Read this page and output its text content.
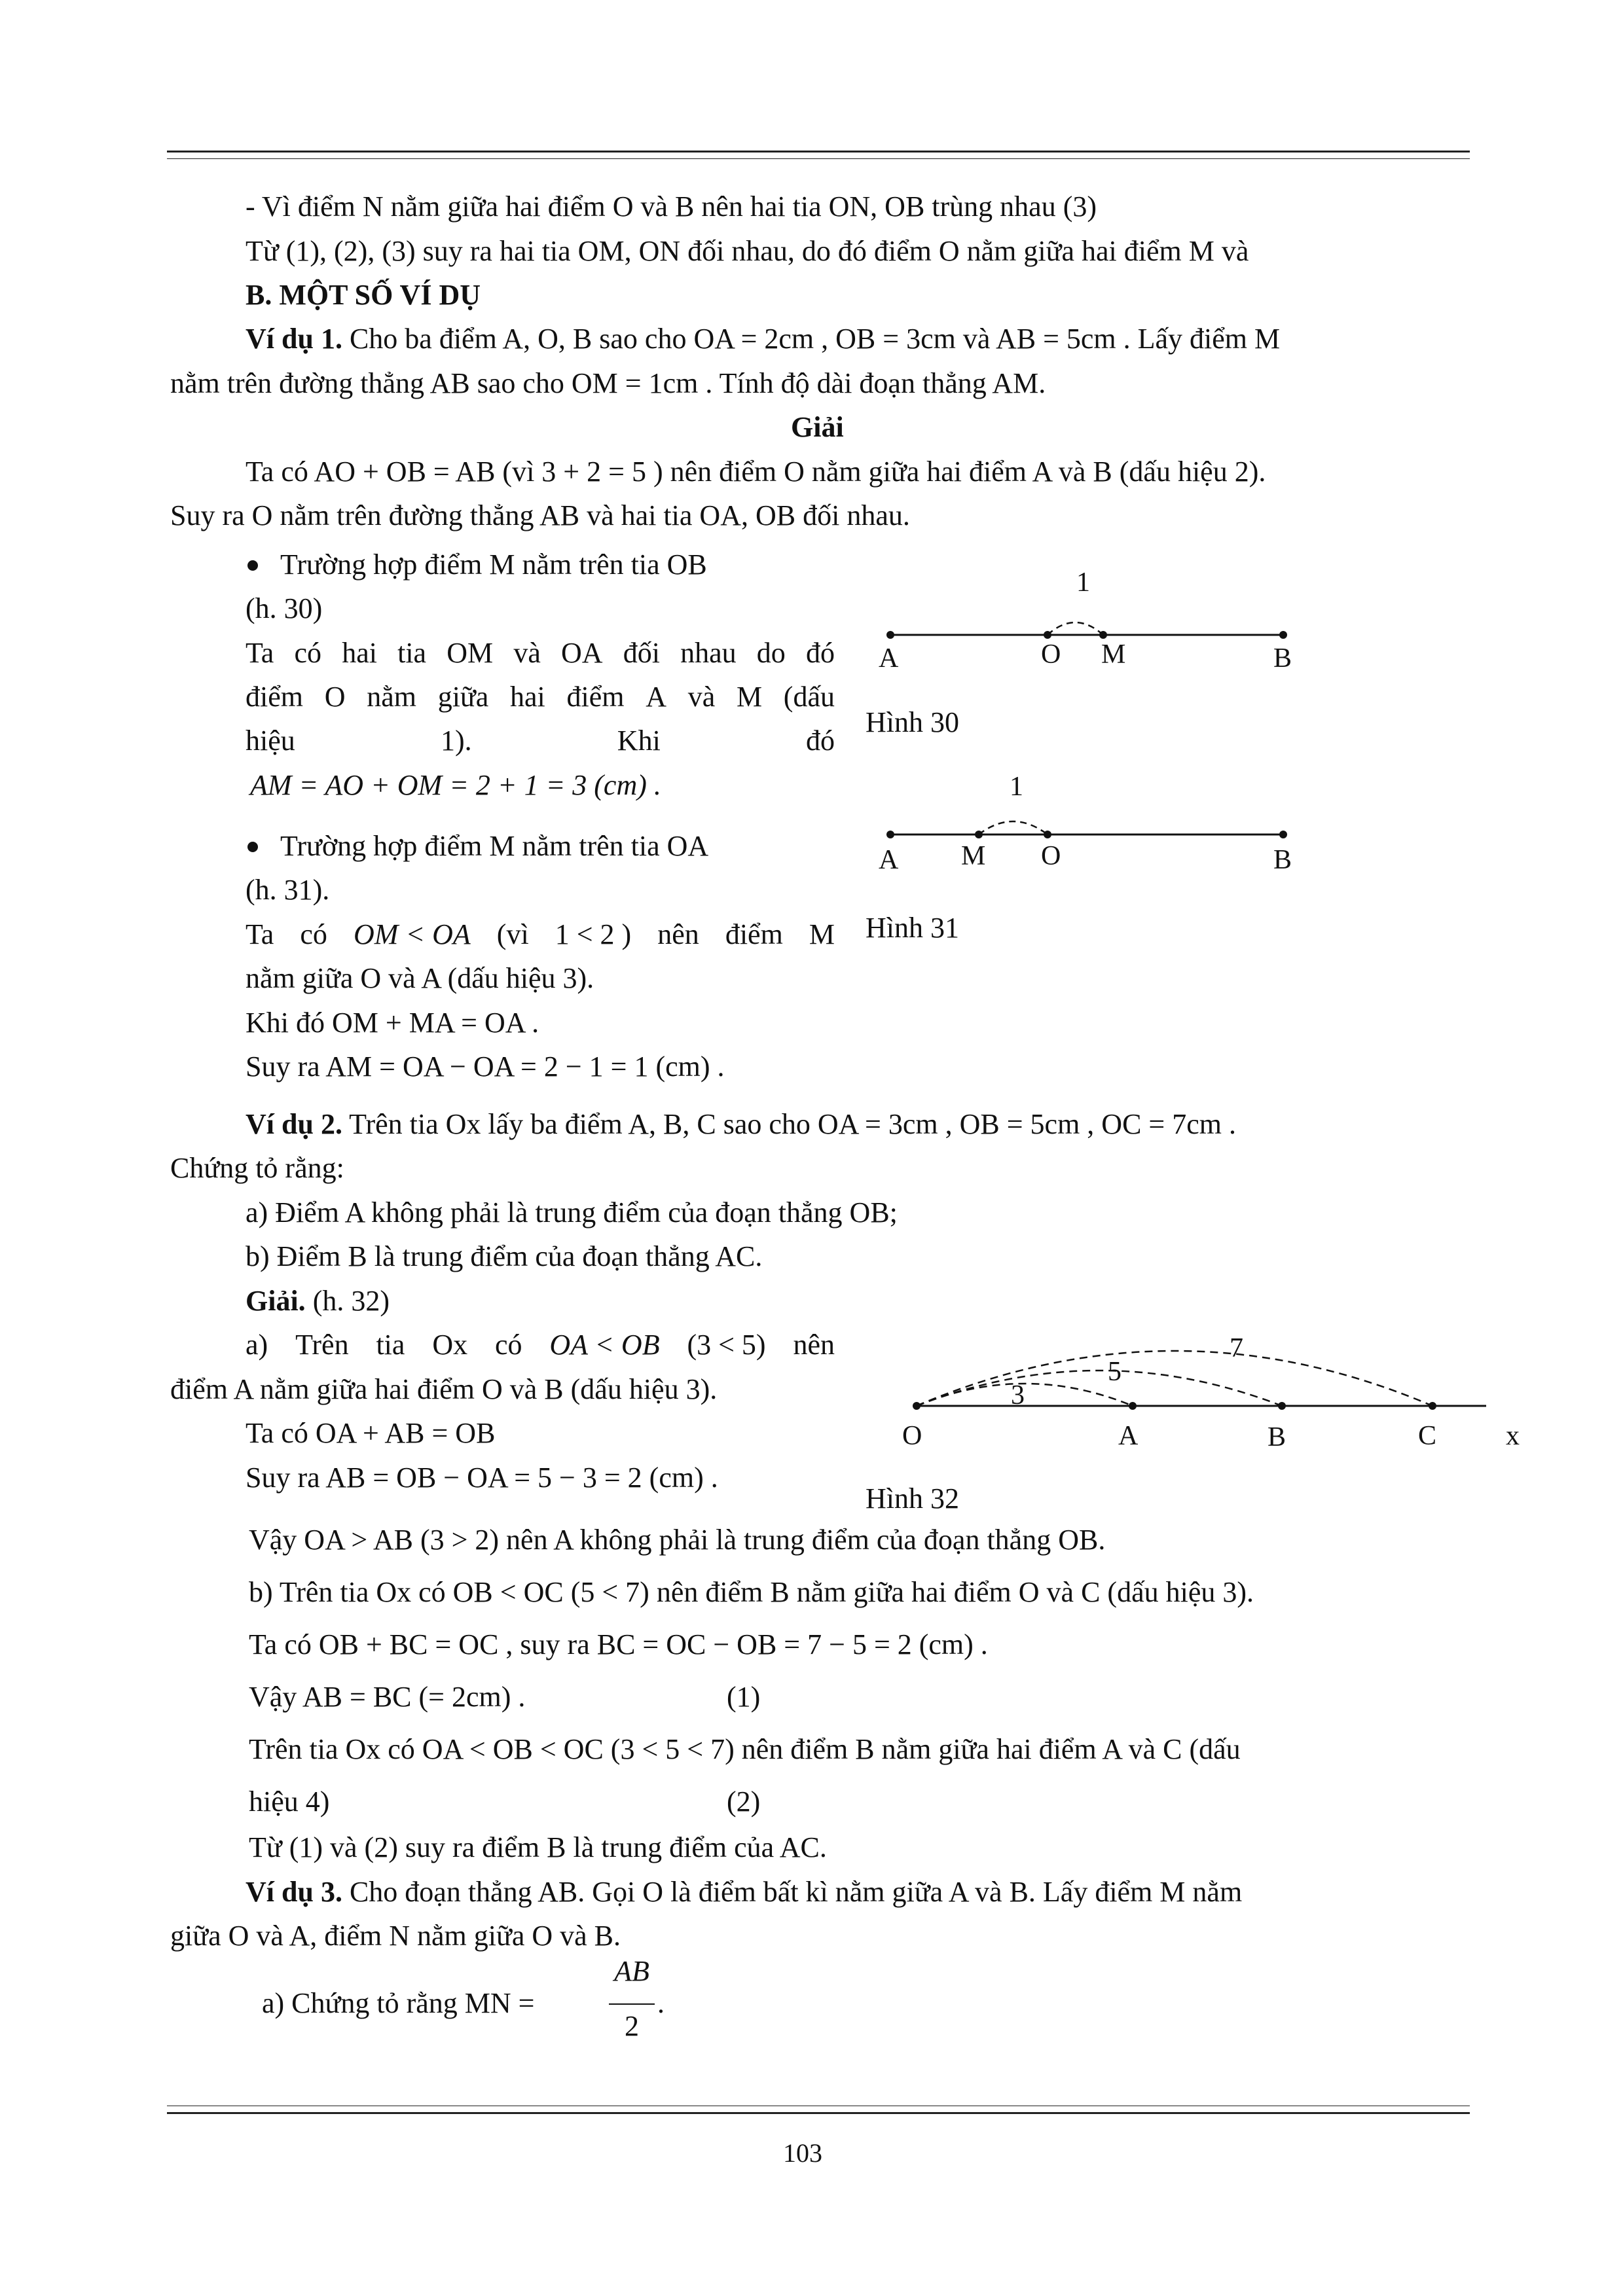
- Vì điểm N nằm giữa hai điểm O và B nên hai tia ON, OB trùng nhau (3)
Từ (1), (2), (3) suy ra hai tia OM, ON đối nhau, do đó điểm O nằm giữa hai điểm M và
B. MỘT SỐ VÍ DỤ
Ví dụ 1. Cho ba điểm A, O, B sao cho OA = 2cm , OB = 3cm và AB = 5cm . Lấy điểm M
nằm trên đường thẳng AB sao cho OM = 1cm . Tính độ dài đoạn thẳng AM.
Giải
Ta có AO + OB = AB (vì 3 + 2 = 5 ) nên điểm O nằm giữa hai điểm A và B (dấu hiệu 2).
Suy ra O nằm trên đường thẳng AB và hai tia OA, OB đối nhau.
Trường hợp điểm M nằm trên tia OB
(h. 30)
Ta có hai tia OM và OA đối nhau do đó
điểm O nằm giữa hai điểm A và M (dấu
hiệu	1).	Khi	đó
AM = AO + OM = 2 + 1 = 3 (cm) .
Trường hợp điểm M nằm trên tia OA
(h. 31).
Ta có OM < OA (vì 1 < 2 ) nên điểm M
nằm giữa O và A (dấu hiệu 3).
Khi đó OM + MA = OA .
Suy ra AM = OA − OA = 2 − 1 = 1 (cm) .
1
A	O M	B
Hình 30
1
A M O	B
Hình 31
Ví dụ 2. Trên tia Ox lấy ba điểm A, B, C sao cho OA = 3cm , OB = 5cm , OC = 7cm .
Chứng tỏ rằng:
a) Điểm A không phải là trung điểm của đoạn thẳng OB;
b) Điểm B là trung điểm của đoạn thẳng AC.
Giải. (h. 32)
a) Trên tia Ox có OA < OB (3 < 5) nên
điểm A nằm giữa hai điểm O và B (dấu hiệu 3).
Ta có OA + AB = OB
Suy ra AB = OB − OA = 5 − 3 = 2 (cm) .
3
5
7
O	A	B	C	x
Hình 32
Vậy OA > AB (3 > 2) nên A không phải là trung điểm của đoạn thẳng OB.
b) Trên tia Ox có OB < OC (5 < 7) nên điểm B nằm giữa hai điểm O và C (dấu hiệu 3).
Ta có OB + BC = OC , suy ra BC = OC − OB = 7 − 5 = 2 (cm) .
Vậy AB = BC (= 2cm) .	(1)
Trên tia Ox có OA < OB < OC (3 < 5 < 7) nên điểm B nằm giữa hai điểm A và C (dấu
hiệu 4)	(2)
Từ (1) và (2) suy ra điểm B là trung điểm của AC.
Ví dụ 3. Cho đoạn thẳng AB. Gọi O là điểm bất kì nằm giữa A và B. Lấy điểm M nằm
giữa O và A, điểm N nằm giữa O và B.
a) Chứng tỏ rằng MN =
AB
2
.
103
